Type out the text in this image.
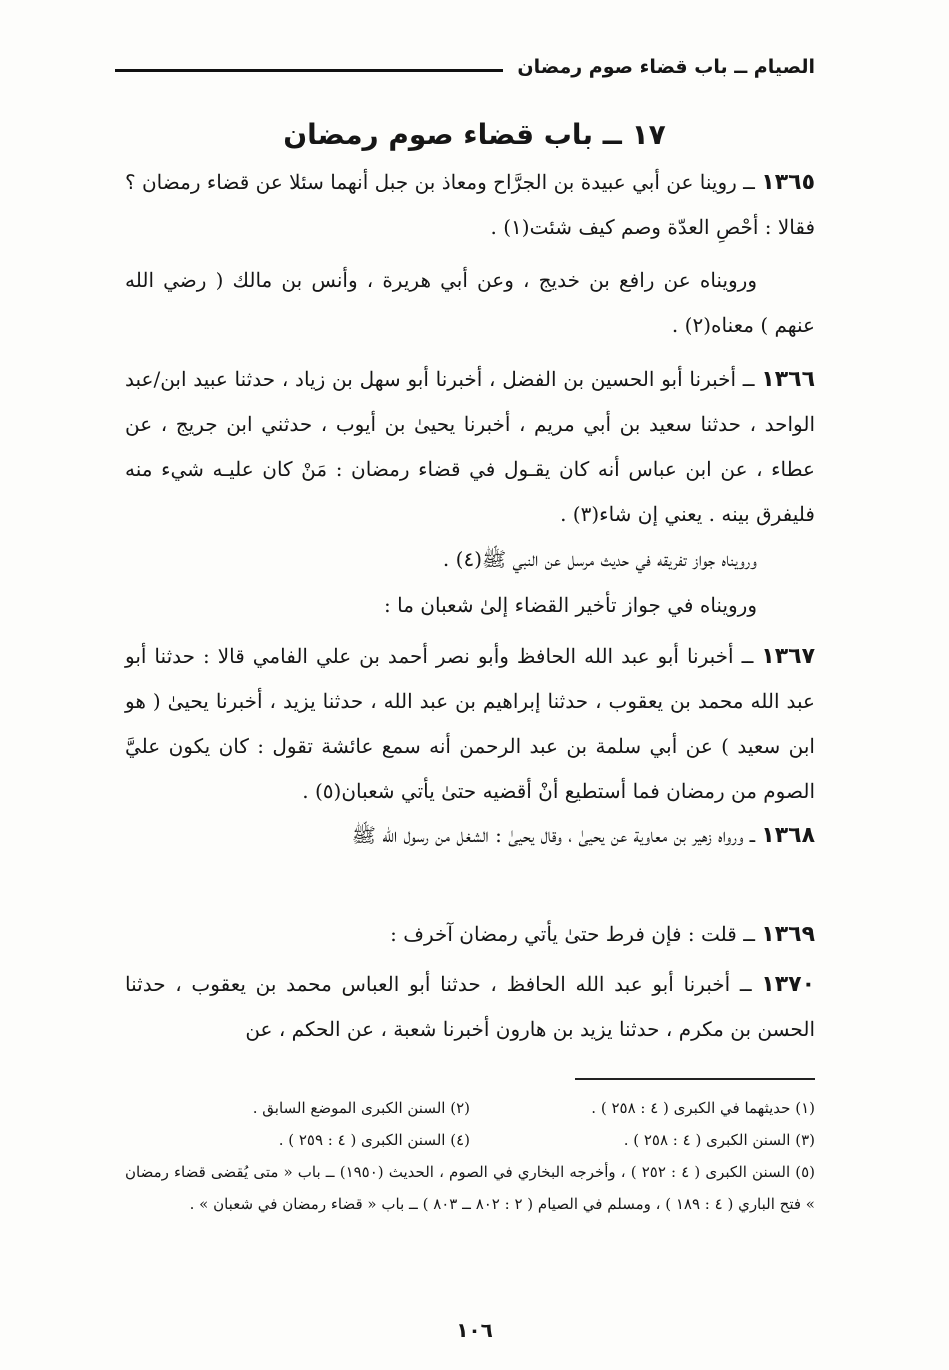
الصيام ــ باب قضاء صوم رمضان
١٧ ــ باب قضاء صوم رمضان

١٣٦٥ ــ روينا عن أبي عبيدة بن الجرَّاح ومعاذ بن جبل أنهما سئلا عن قضاء رمضان ؟ فقالا : أحْصِ العدّة وصم كيف شئت(١) .

ورويناه عن رافع بن خديج ، وعن أبي هريرة ، وأنس بن مالك ( رضي الله عنهم ) معناه(٢) .

١٣٦٦ ــ أخبرنا أبو الحسين بن الفضل ، أخبرنا أبو سهل بن زياد ، حدثنا عبيد ابن/عبد الواحد ، حدثنا سعيد بن أبي مريم ، أخبرنا يحيىٰ بن أيوب ، حدثني ابن جريج ، عن عطاء ، عن ابن عباس أنه كان يقـول في قضاء رمضان : مَنْ كان عليـه شيء منه فليفرق بينه . يعني إن شاء(٣) .

ورويناه جواز تفريقه في حديث مرسل عن النبي ﷺ(٤) .

ورويناه في جواز تأخير القضاء إلىٰ شعبان ما :

١٣٦٧ ــ أخبرنا أبو عبد الله الحافظ وأبو نصر أحمد بن علي الفامي قالا : حدثنا أبو عبد الله محمد بن يعقوب ، حدثنا إبراهيم بن عبد الله ، حدثنا يزيد ، أخبرنا يحيىٰ ( هو ابن سعيد ) عن أبي سلمة بن عبد الرحمن أنه سمع عائشة تقول : كان يكون عليَّ الصوم من رمضان فما أستطيع أنْ أقضيه حتىٰ يأتي شعبان(٥) .

١٣٦٨ ــ ورواه زهير بن معاوية عن يحيىٰ ، وقال يحيىٰ : الشغل من رسول الله ﷺ

١٣٦٩ ــ قلت : فإن فرط حتىٰ يأتي رمضان آخرف :

١٣٧٠ ــ أخبرنا أبو عبد الله الحافظ ، حدثنا أبو العباس محمد بن يعقوب ، حدثنا الحسن بن مكرم ، حدثنا يزيد بن هارون أخبرنا شعبة ، عن الحكم ، عن

(١) حديثهما في الكبرى ( ٤ : ٢٥٨ ) .
(٢) السنن الكبرى الموضع السابق .
(٣) السنن الكبرى ( ٤ : ٢٥٨ ) .
(٤) السنن الكبرى ( ٤ : ٢٥٩ ) .
(٥) السنن الكبرى ( ٤ : ٢٥٢ ) ، وأخرجه البخاري في الصوم ، الحديث (١٩٥٠) ــ باب « متى يُقضى قضاء رمضان » فتح الباري ( ٤ : ١٨٩ ) ، ومسلم في الصيام ( ٢ : ٨٠٢ ــ ٨٠٣ ) ــ باب « قضاء رمضان في شعبان » .
١٠٦
